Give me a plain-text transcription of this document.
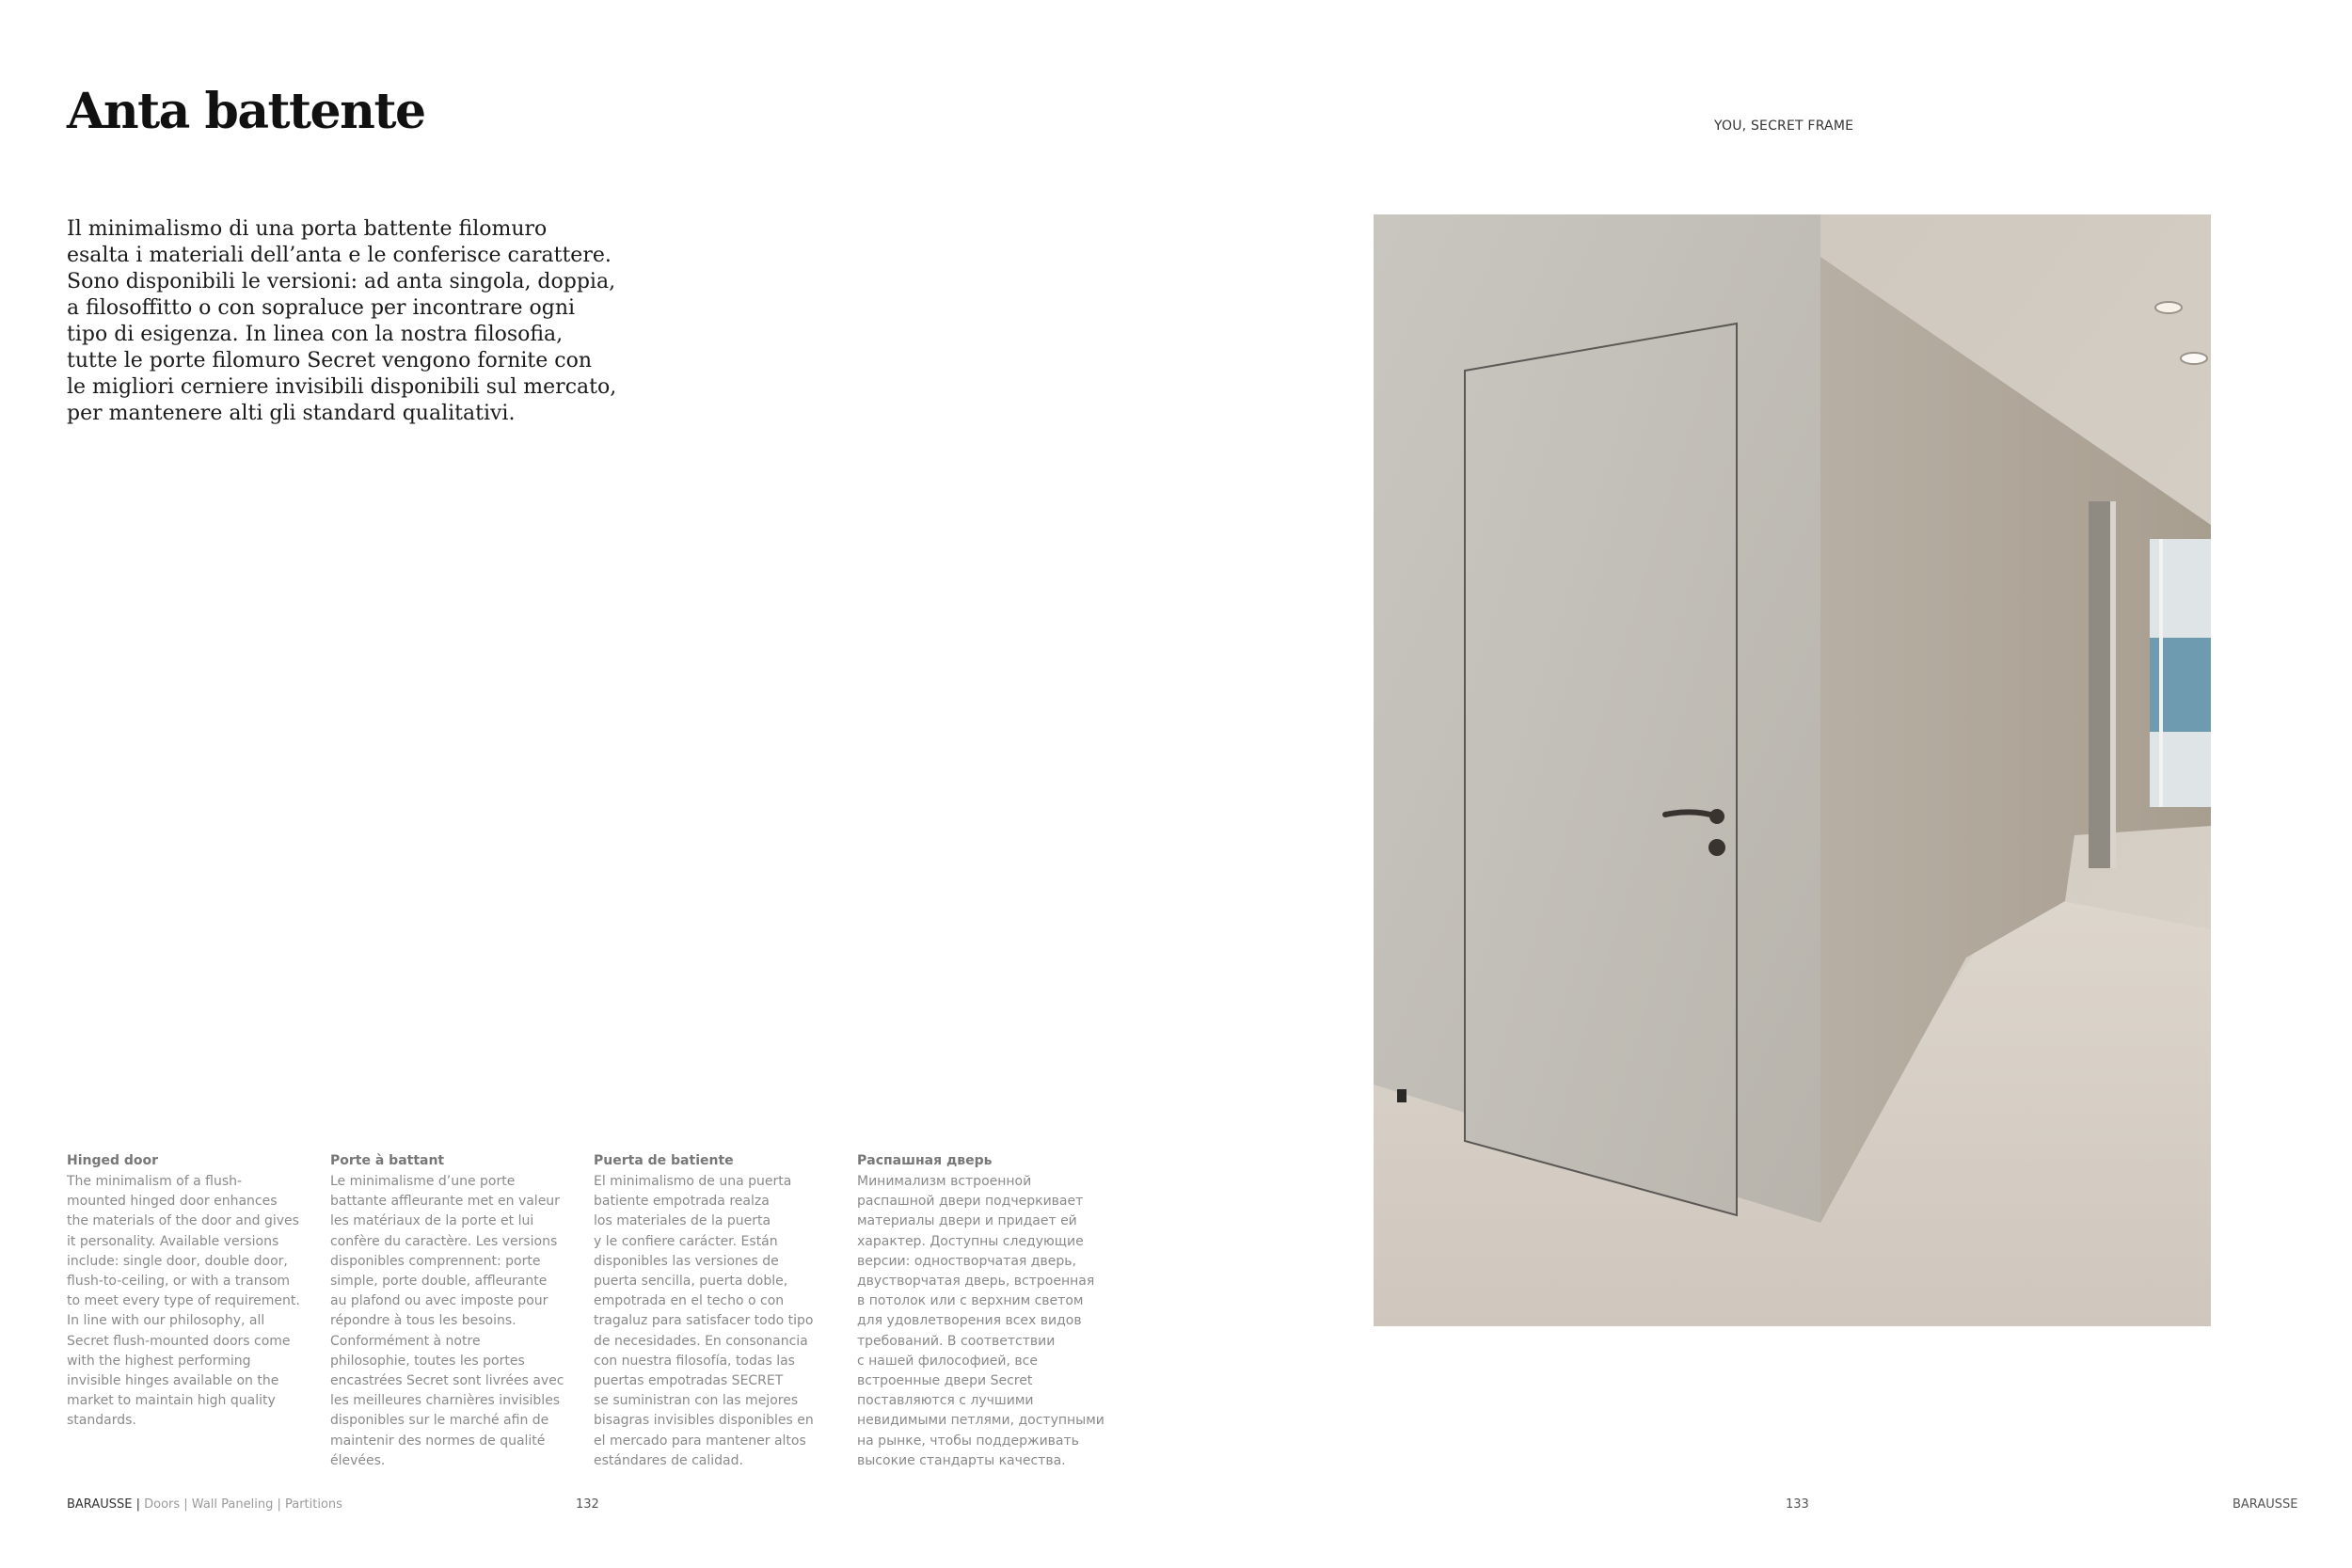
Anta battente

Il minimalismo di una porta battente filomuro
esalta i materiali dell’anta e le conferisce carattere.
Sono disponibili le versioni: ad anta singola, doppia,
a filosoffitto o con sopraluce per incontrare ogni
tipo di esigenza. In linea con la nostra filosofia,
tutte le porte filomuro Secret vengono fornite con
le migliori cerniere invisibili disponibili sul mercato,
per mantenere alti gli standard qualitativi.

Hinged door

The minimalism of a flush-
mounted hinged door enhances
the materials of the door and gives
it personality. Available versions
include: single door, double door,
flush-to-ceiling, or with a transom
to meet every type of requirement.
In line with our philosophy, all
Secret flush-mounted doors come
with the highest performing
invisible hinges available on the
market to maintain high quality
standards.

Porte à battant

Le minimalisme d’une porte
battante affleurante met en valeur
les matériaux de la porte et lui
confère du caractère. Les versions
disponibles comprennent: porte
simple, porte double, affleurante
au plafond ou avec imposte pour
répondre à tous les besoins.
Conformément à notre
philosophie, toutes les portes
encastrées Secret sont livrées avec
les meilleures charnières invisibles
disponibles sur le marché afin de
maintenir des normes de qualité
élevées.

Puerta de batiente

El minimalismo de una puerta
batiente empotrada realza
los materiales de la puerta
y le confiere carácter. Están
disponibles las versiones de
puerta sencilla, puerta doble,
empotrada en el techo o con
tragaluz para satisfacer todo tipo
de necesidades. En consonancia
con nuestra filosofía, todas las
puertas empotradas SECRET
se suministran con las mejores
bisagras invisibles disponibles en
el mercado para mantener altos
estándares de calidad.

Распашная дверь

Минимализм встроенной
распашной двери подчеркивает
материалы двери и придает ей
характер. Доступны следующие
версии: одностворчатая дверь,
двустворчатая дверь, встроенная
в потолок или с верхним светом
для удовлетворения всех видов
требований. В соответствии
с нашей философией, все
встроенные двери Secret
поставляются с лучшими
невидимыми петлями, доступными
на рынке, чтобы поддерживать
высокие стандарты качества.

BARAUSSE | Doors | Wall Paneling | Partitions	132
YOU, SECRET FRAME
133	BARAUSSE
